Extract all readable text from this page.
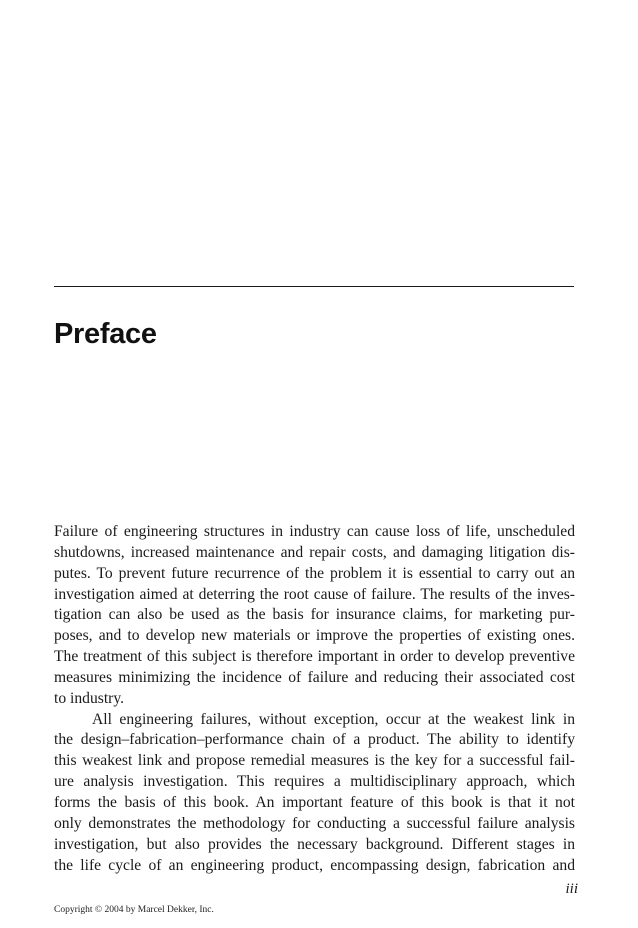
Preface
Failure of engineering structures in industry can cause loss of life, unscheduled
shutdowns, increased maintenance and repair costs, and damaging litigation dis-
putes. To prevent future recurrence of the problem it is essential to carry out an
investigation aimed at deterring the root cause of failure. The results of the inves-
tigation can also be used as the basis for insurance claims, for marketing pur-
poses, and to develop new materials or improve the properties of existing ones.
The treatment of this subject is therefore important in order to develop preventive
measures minimizing the incidence of failure and reducing their associated cost
to industry.
All engineering failures, without exception, occur at the weakest link in
the design–fabrication–performance chain of a product. The ability to identify
this weakest link and propose remedial measures is the key for a successful fail-
ure analysis investigation. This requires a multidisciplinary approach, which
forms the basis of this book. An important feature of this book is that it not
only demonstrates the methodology for conducting a successful failure analysis
investigation, but also provides the necessary background. Different stages in
the life cycle of an engineering product, encompassing design, fabrication and
iii
Copyright © 2004 by Marcel Dekker, Inc.
